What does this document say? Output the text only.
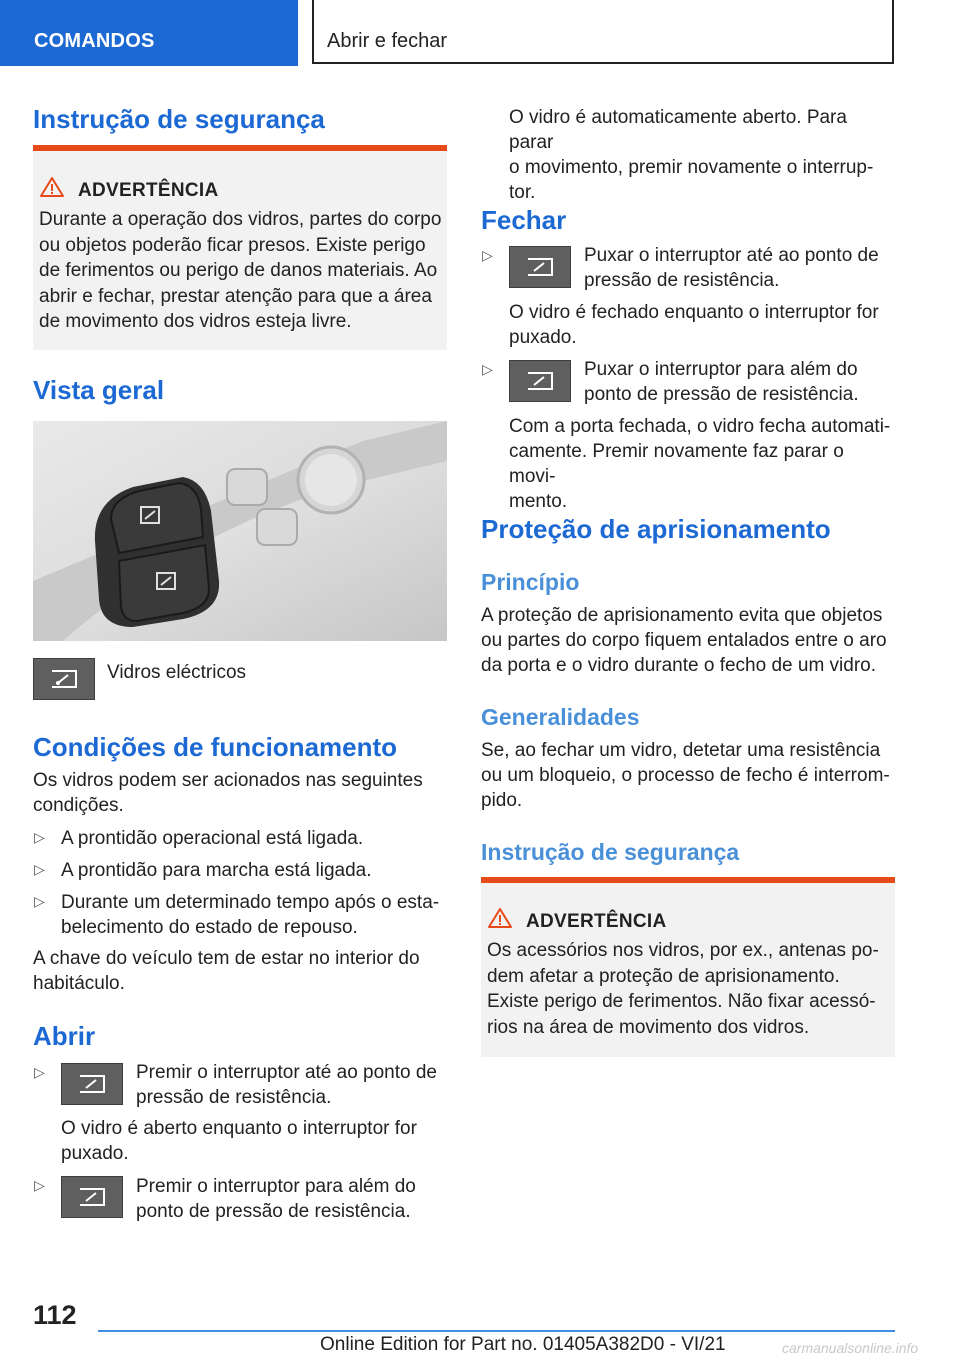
COMANDOS	Abrir e fechar
Instrução de segurança
ADVERTÊNCIA
Durante a operação dos vidros, partes do corpo
ou objetos poderão ficar presos. Existe perigo
de ferimentos ou perigo de danos materiais. Ao
abrir e fechar, prestar atenção para que a área
de movimento dos vidros esteja livre.
Vista geral

Vidros eléctricos

Condições de funcionamento

Os vidros podem ser acionados nas seguintes

condições.

▷ A prontidão operacional está ligada.

▷ A prontidão para marcha está ligada.

▷ Durante um determinado tempo após o esta-

belecimento do estado de repouso.

A chave do veículo tem de estar no interior do

habitáculo.

Abrir
▷	Premir o interruptor até ao ponto de

pressão de resistência.

O vidro é aberto enquanto o interruptor for

puxado.

▷	Premir o interruptor para além do

ponto de pressão de resistência.

O vidro é automaticamente aberto. Para parar

o movimento, premir novamente o interrup-

tor.

Fechar
▷	Puxar o interruptor até ao ponto de

pressão de resistência.

O vidro é fechado enquanto o interruptor for

puxado.

▷	Puxar o interruptor para além do

ponto de pressão de resistência.

Com a porta fechada, o vidro fecha automati-

camente. Premir novamente faz parar o movi-

mento.

Proteção de aprisionamento
Princípio

A proteção de aprisionamento evita que objetos

ou partes do corpo fiquem entalados entre o aro

da porta e o vidro durante o fecho de um vidro.

Generalidades

Se, ao fechar um vidro, detetar uma resistência

ou um bloqueio, o processo de fecho é interrom-

pido.

Instrução de segurança
ADVERTÊNCIA
Os acessórios nos vidros, por ex., antenas po-
dem afetar a proteção de aprisionamento.
Existe perigo de ferimentos. Não fixar acessó-
rios na área de movimento dos vidros.
112
Online Edition for Part no. 01405A382D0 - VI/21	carmanualsonline.info
